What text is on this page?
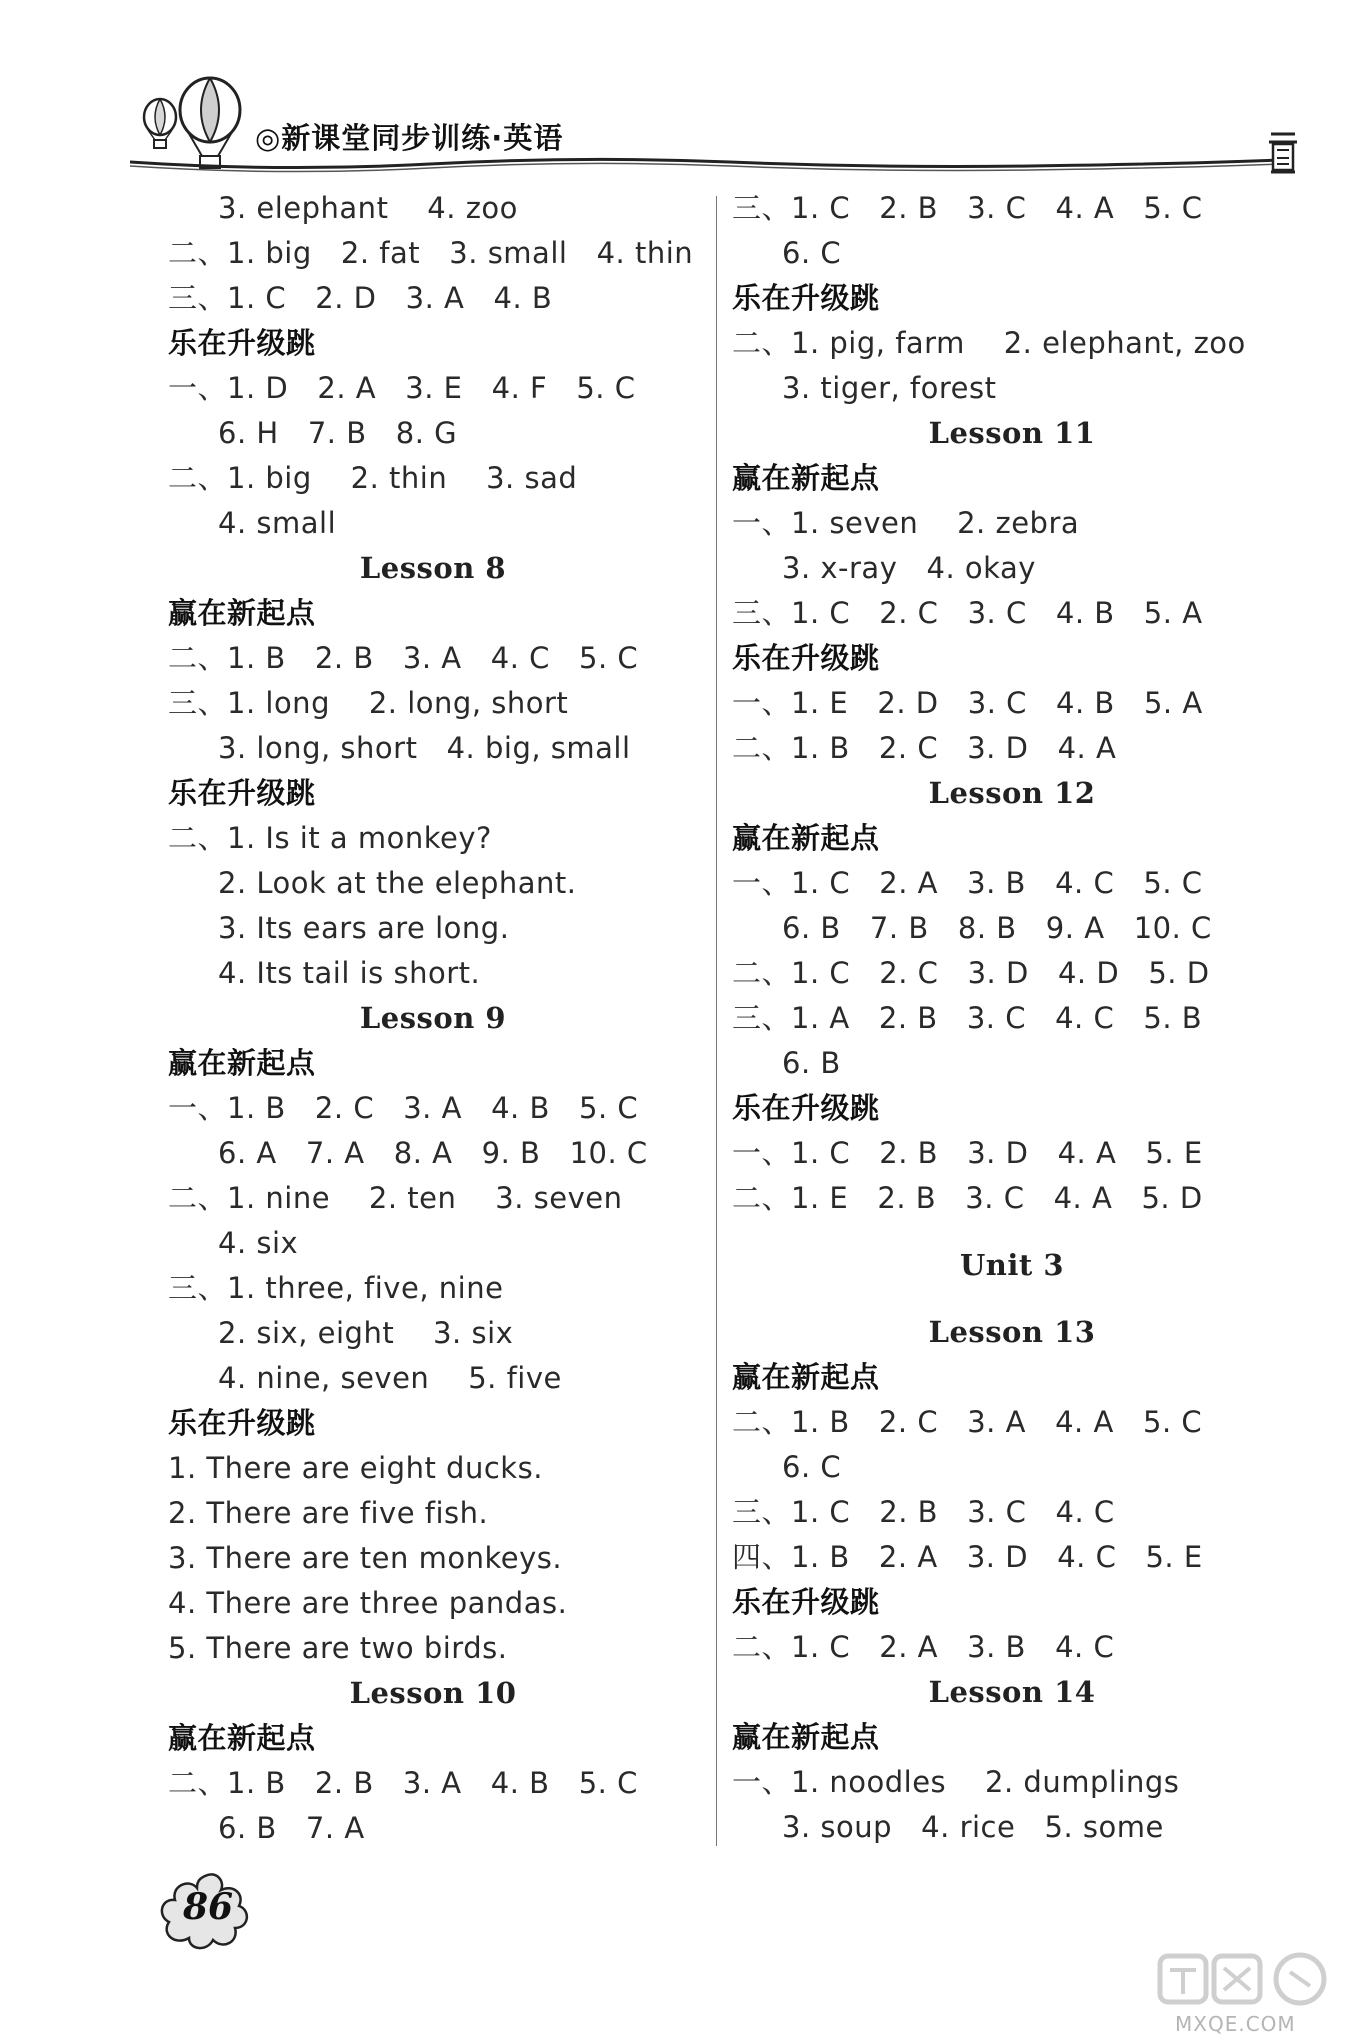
◎新课堂同步训练·英语
3. elephant    4. zoo
二、1. big   2. fat   3. small   4. thin
三、1. C   2. D   3. A   4. B
乐在升级跳
一、1. D   2. A   3. E   4. F   5. C
6. H   7. B   8. G
二、1. big    2. thin    3. sad
4. small
Lesson 8
赢在新起点
二、1. B   2. B   3. A   4. C   5. C
三、1. long    2. long, short
3. long, short   4. big, small
乐在升级跳
二、1. Is it a monkey?
2. Look at the elephant.
3. Its ears are long.
4. Its tail is short.
Lesson 9
赢在新起点
一、1. B   2. C   3. A   4. B   5. C
6. A   7. A   8. A   9. B   10. C
二、1. nine    2. ten    3. seven
4. six
三、1. three, five, nine
2. six, eight    3. six
4. nine, seven    5. five
乐在升级跳
1. There are eight ducks.
2. There are five fish.
3. There are ten monkeys.
4. There are three pandas.
5. There are two birds.
Lesson 10
赢在新起点
二、1. B   2. B   3. A   4. B   5. C
6. B   7. A
三、1. C   2. B   3. C   4. A   5. C
6. C
乐在升级跳
二、1. pig, farm    2. elephant, zoo
3. tiger, forest
Lesson 11
赢在新起点
一、1. seven    2. zebra
3. x-ray   4. okay
三、1. C   2. C   3. C   4. B   5. A
乐在升级跳
一、1. E   2. D   3. C   4. B   5. A
二、1. B   2. C   3. D   4. A
Lesson 12
赢在新起点
一、1. C   2. A   3. B   4. C   5. C
6. B   7. B   8. B   9. A   10. C
二、1. C   2. C   3. D   4. D   5. D
三、1. A   2. B   3. C   4. C   5. B
6. B
乐在升级跳
一、1. C   2. B   3. D   4. A   5. E
二、1. E   2. B   3. C   4. A   5. D
Unit 3
Lesson 13
赢在新起点
二、1. B   2. C   3. A   4. A   5. C
6. C
三、1. C   2. B   3. C   4. C
四、1. B   2. A   3. D   4. C   5. E
乐在升级跳
二、1. C   2. A   3. B   4. C
Lesson 14
赢在新起点
一、1. noodles    2. dumplings
3. soup   4. rice   5. some
86
MXQE.COM
